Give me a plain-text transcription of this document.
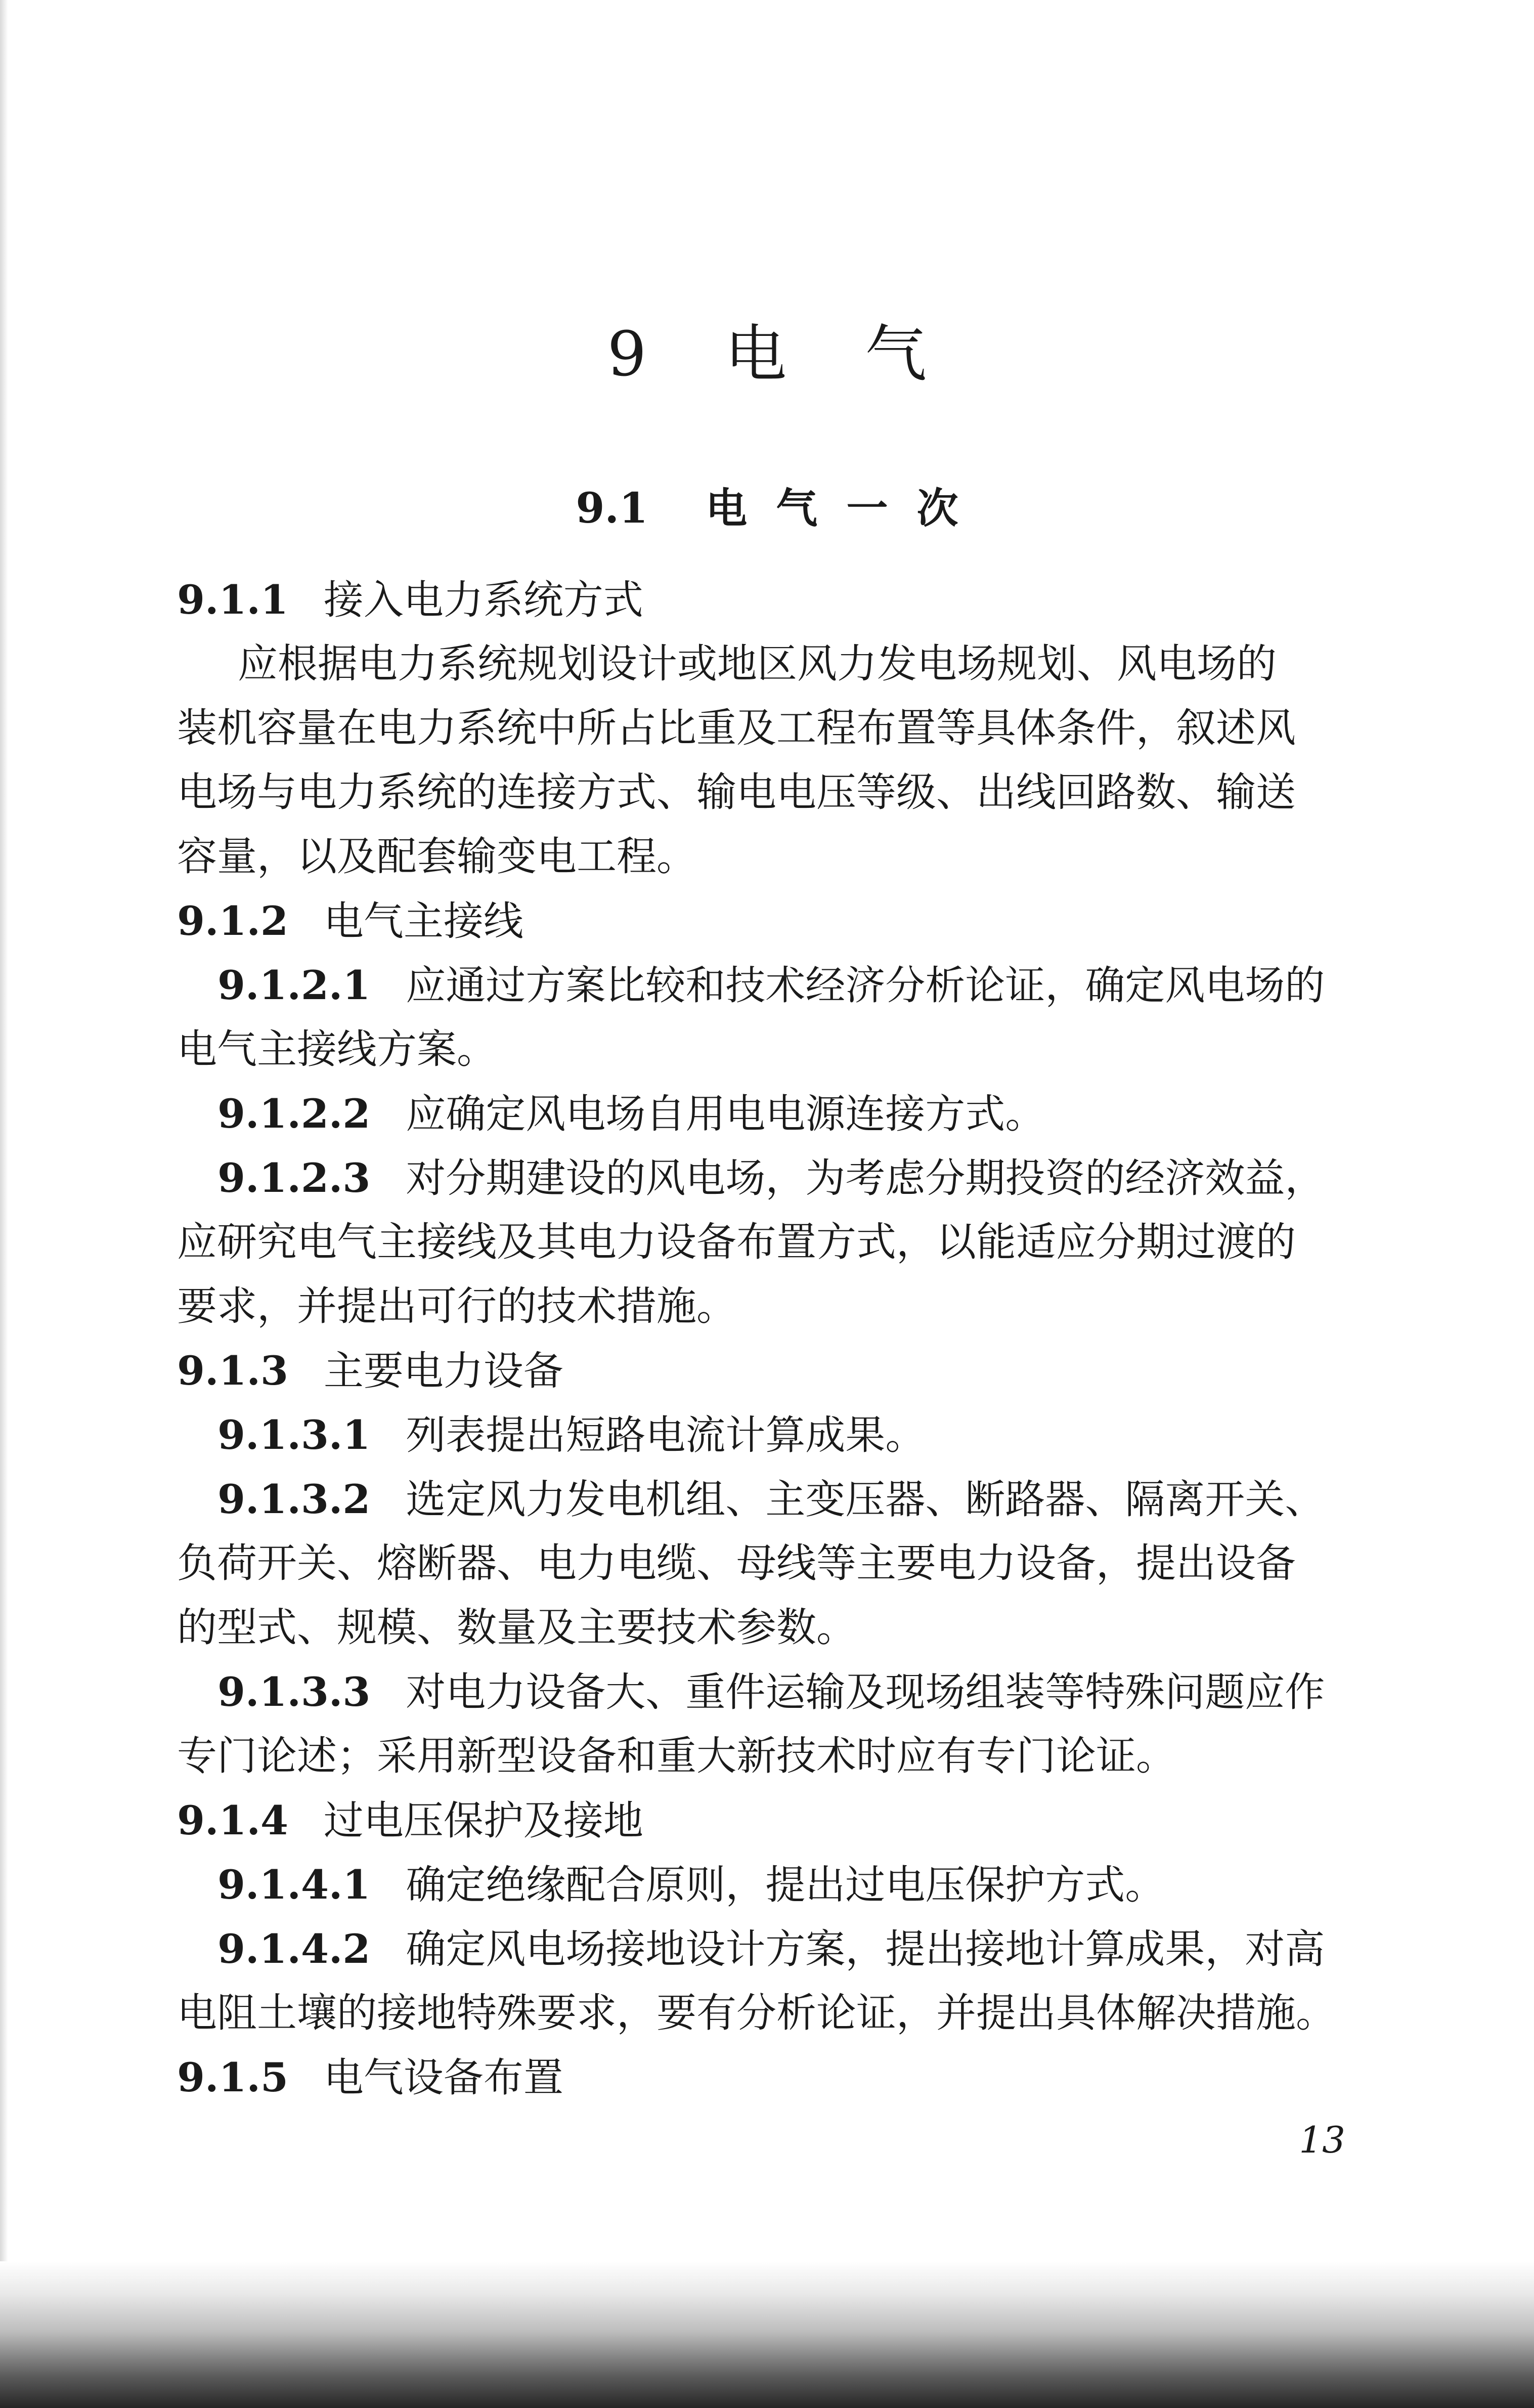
9    电    气
9.1    电  气  一  次
9.1.1 接入电力系统方式
应根据电力系统规划设计或地区风力发电场规划、风电场的
装机容量在电力系统中所占比重及工程布置等具体条件，叙述风
电场与电力系统的连接方式、输电电压等级、出线回路数、输送
容量，以及配套输变电工程。
9.1.2 电气主接线
9.1.2.1 应通过方案比较和技术经济分析论证，确定风电场的
电气主接线方案。
9.1.2.2 应确定风电场自用电电源连接方式。
9.1.2.3 对分期建设的风电场，为考虑分期投资的经济效益，
应研究电气主接线及其电力设备布置方式，以能适应分期过渡的
要求，并提出可行的技术措施。
9.1.3 主要电力设备
9.1.3.1 列表提出短路电流计算成果。
9.1.3.2 选定风力发电机组、主变压器、断路器、隔离开关、
负荷开关、熔断器、电力电缆、母线等主要电力设备，提出设备
的型式、规模、数量及主要技术参数。
9.1.3.3 对电力设备大、重件运输及现场组装等特殊问题应作
专门论述；采用新型设备和重大新技术时应有专门论证。
9.1.4 过电压保护及接地
9.1.4.1 确定绝缘配合原则，提出过电压保护方式。
9.1.4.2 确定风电场接地设计方案，提出接地计算成果，对高
电阻土壤的接地特殊要求，要有分析论证，并提出具体解决措施。
9.1.5 电气设备布置
13
